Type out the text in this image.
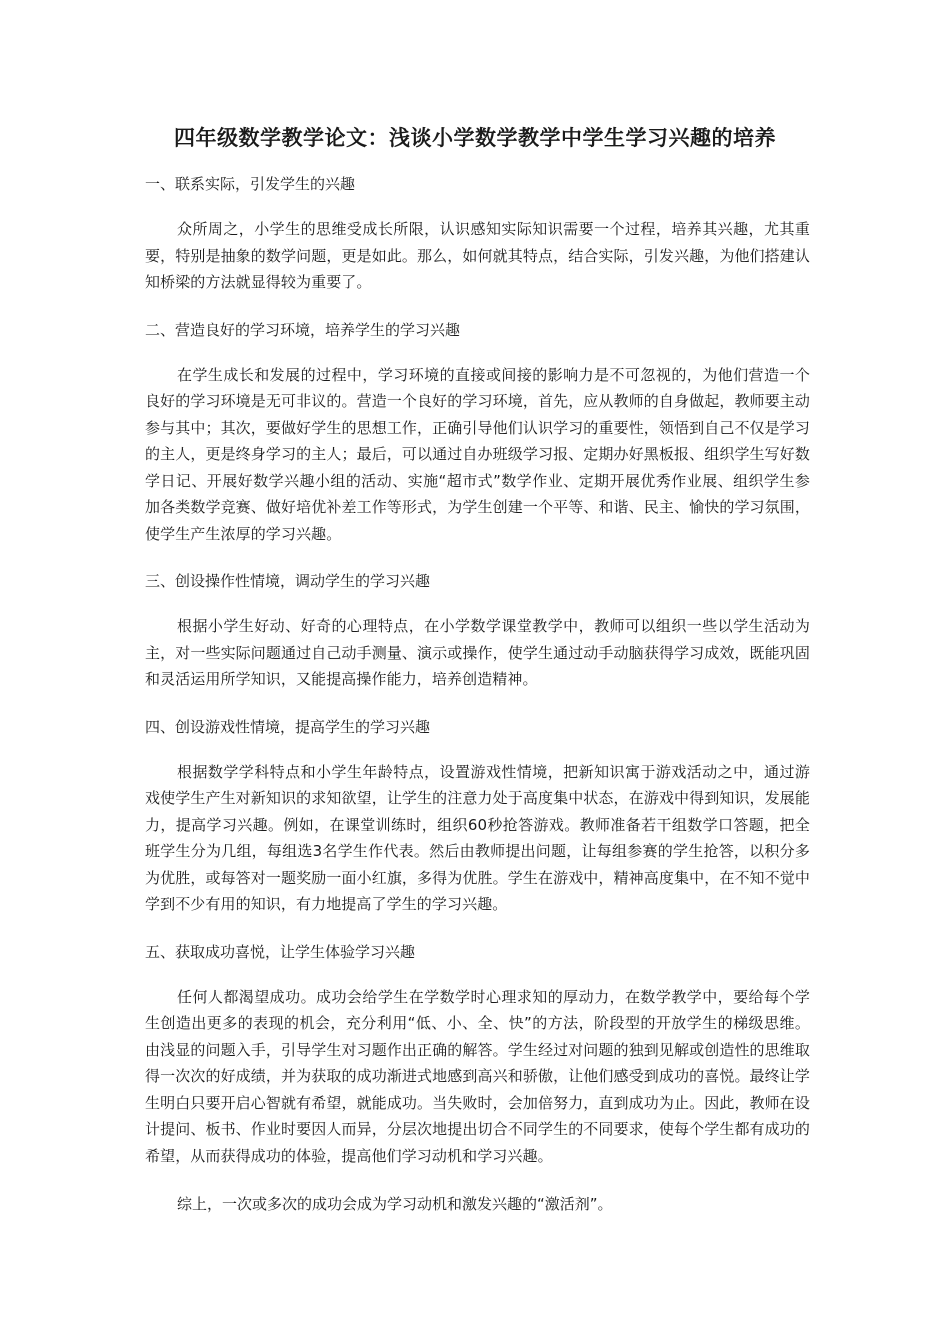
四年级数学教学论文：浅谈小学数学教学中学生学习兴趣的培养
一、联系实际，引发学生的兴趣
众所周之，小学生的思维受成长所限，认识感知实际知识需要一个过程，培养其兴趣，尤其重要，特别是抽象的数学问题，更是如此。那么，如何就其特点，结合实际，引发兴趣，为他们搭建认知桥梁的方法就显得较为重要了。
二、营造良好的学习环境，培养学生的学习兴趣
在学生成长和发展的过程中，学习环境的直接或间接的影响力是不可忽视的，为他们营造一个良好的学习环境是无可非议的。营造一个良好的学习环境，首先，应从教师的自身做起，教师要主动参与其中；其次，要做好学生的思想工作，正确引导他们认识学习的重要性，领悟到自己不仅是学习的主人，更是终身学习的主人；最后，可以通过自办班级学习报、定期办好黑板报、组织学生写好数学日记、开展好数学兴趣小组的活动、实施“超市式”数学作业、定期开展优秀作业展、组织学生参加各类数学竞赛、做好培优补差工作等形式，为学生创建一个平等、和谐、民主、愉快的学习氛围，使学生产生浓厚的学习兴趣。
三、创设操作性情境，调动学生的学习兴趣
根据小学生好动、好奇的心理特点，在小学数学课堂教学中，教师可以组织一些以学生活动为主，对一些实际问题通过自己动手测量、演示或操作，使学生通过动手动脑获得学习成效，既能巩固和灵活运用所学知识，又能提高操作能力，培养创造精神。
四、创设游戏性情境，提高学生的学习兴趣
根据数学学科特点和小学生年龄特点，设置游戏性情境，把新知识寓于游戏活动之中，通过游戏使学生产生对新知识的求知欲望，让学生的注意力处于高度集中状态，在游戏中得到知识，发展能力，提高学习兴趣。例如，在课堂训练时，组织60秒抢答游戏。教师准备若干组数学口答题，把全班学生分为几组，每组选3名学生作代表。然后由教师提出问题，让每组参赛的学生抢答，以积分多为优胜，或每答对一题奖励一面小红旗，多得为优胜。学生在游戏中，精神高度集中，在不知不觉中学到不少有用的知识，有力地提高了学生的学习兴趣。
五、获取成功喜悦，让学生体验学习兴趣
任何人都渴望成功。成功会给学生在学数学时心理求知的厚动力，在数学教学中，要给每个学生创造出更多的表现的机会，充分利用“低、小、全、快”的方法，阶段型的开放学生的梯级思维。由浅显的问题入手，引导学生对习题作出正确的解答。学生经过对问题的独到见解或创造性的思维取得一次次的好成绩，并为获取的成功渐进式地感到高兴和骄傲，让他们感受到成功的喜悦。最终让学生明白只要开启心智就有希望，就能成功。当失败时，会加倍努力，直到成功为止。因此，教师在设计提问、板书、作业时要因人而异，分层次地提出切合不同学生的不同要求，使每个学生都有成功的希望，从而获得成功的体验，提高他们学习动机和学习兴趣。
综上，一次或多次的成功会成为学习动机和激发兴趣的“激活剂”。
